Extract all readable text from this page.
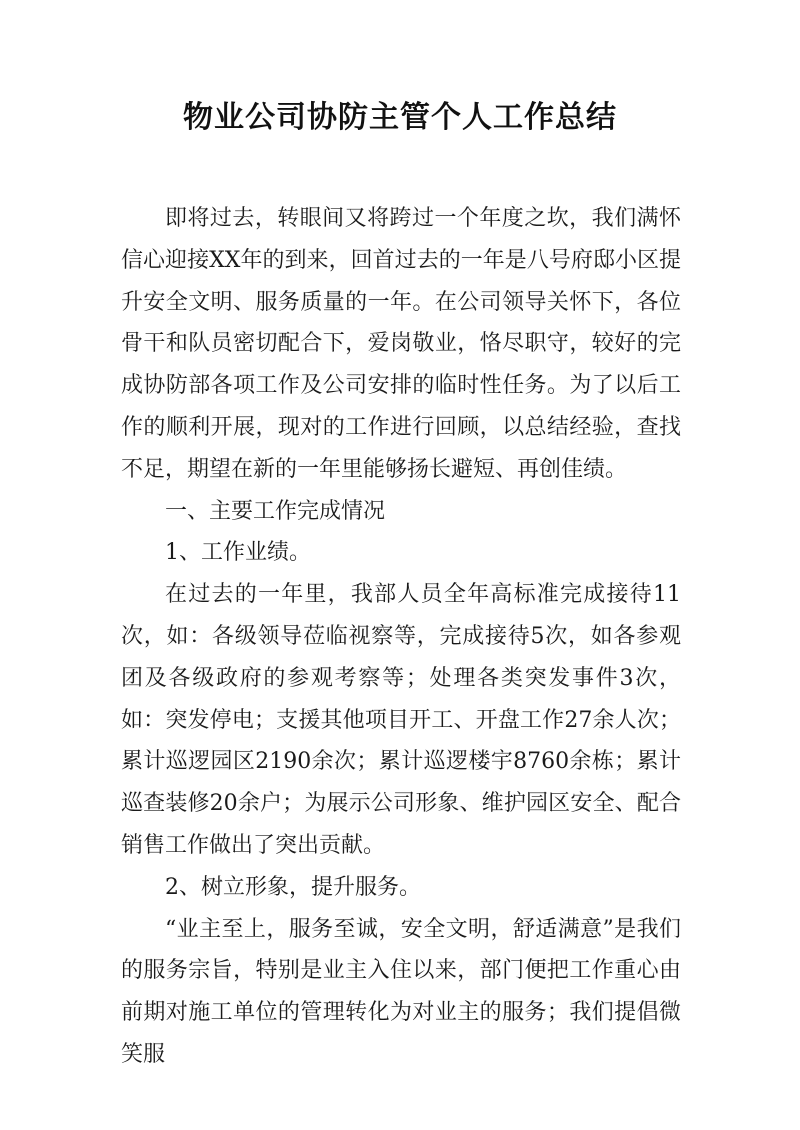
物业公司协防主管个人工作总结

即将过去，转眼间又将跨过一个年度之坎，我们满怀信心迎接XX年的到来，回首过去的一年是八号府邸小区提升安全文明、服务质量的一年。在公司领导关怀下，各位骨干和队员密切配合下，爱岗敬业，恪尽职守，较好的完成协防部各项工作及公司安排的临时性任务。为了以后工作的顺利开展，现对的工作进行回顾，以总结经验，查找不足，期望在新的一年里能够扬长避短、再创佳绩。

一、主要工作完成情况

1、工作业绩。

在过去的一年里，我部人员全年高标准完成接待11次，如：各级领导莅临视察等，完成接待5次，如各参观团及各级政府的参观考察等；处理各类突发事件3次，如：突发停电；支援其他项目开工、开盘工作27余人次；累计巡逻园区2190余次；累计巡逻楼宇8760余栋；累计巡查装修20余户；为展示公司形象、维护园区安全、配合销售工作做出了突出贡献。

2、树立形象，提升服务。

“业主至上，服务至诚，安全文明，舒适满意”是我们的服务宗旨，特别是业主入住以来，部门便把工作重心由前期对施工单位的管理转化为对业主的服务；我们提倡微笑服
